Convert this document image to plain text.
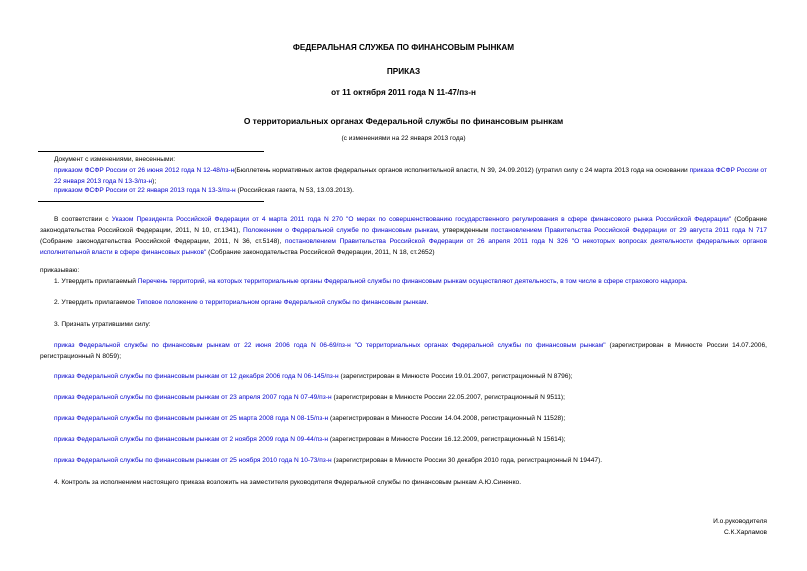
ФЕДЕРАЛЬНАЯ СЛУЖБА ПО ФИНАНСОВЫМ РЫНКАМ
ПРИКАЗ
от 11 октября 2011 года N 11-47/пз-н
О территориальных органах Федеральной службы по финансовым рынкам
(с изменениями на 22 января 2013 года)
Документ с изменениями, внесенными:
приказом ФСФР России от 26 июня 2012 года N 12-48/пз-н(Бюллетень нормативных актов федеральных органов исполнительной власти, N 39, 24.09.2012) (утратил силу с 24 марта 2013 года на основании приказа ФСФР России от 22 января 2013 года N 13-3/пз-н);
приказом ФСФР России от 22 января 2013 года N 13-3/пз-н (Российская газета, N 53, 13.03.2013).
В соответствии с Указом Президента Российской Федерации от 4 марта 2011 года N 270 "О мерах по совершенствованию государственного регулирования в сфере финансового рынка Российской Федерации" (Собрание законодательства Российской Федерации, 2011, N 10, ст.1341), Положением о Федеральной службе по финансовым рынкам, утвержденным постановлением Правительства Российской Федерации от 29 августа 2011 года N 717 (Собрание законодательства Российской Федерации, 2011, N 36, ст.5148), постановлением Правительства Российской Федерации от 26 апреля 2011 года N 326 "О некоторых вопросах деятельности федеральных органов исполнительной власти в сфере финансовых рынков" (Собрание законодательства Российской Федерации, 2011, N 18, ст.2652)
приказываю:
1. Утвердить прилагаемый Перечень территорий, на которых территориальные органы Федеральной службы по финансовым рынкам осуществляют деятельность, в том числе в сфере страхового надзора.
2. Утвердить прилагаемое Типовое положение о территориальном органе Федеральной службы по финансовым рынкам.
3. Признать утратившими силу:
приказ Федеральной службы по финансовым рынкам от 22 июня 2006 года N 06-69/пз-н "О территориальных органах Федеральной службы по финансовым рынкам" (зарегистрирован в Минюсте России 14.07.2006, регистрационный N 8059);
приказ Федеральной службы по финансовым рынкам от 12 декабря 2006 года N 06-145/пз-н (зарегистрирован в Минюсте России 19.01.2007, регистрационный N 8796);
приказ Федеральной службы по финансовым рынкам от 23 апреля 2007 года N 07-49/пз-н (зарегистрирован в Минюсте России 22.05.2007, регистрационный N 9511);
приказ Федеральной службы по финансовым рынкам от 25 марта 2008 года N 08-15/пз-н (зарегистрирован в Минюсте России 14.04.2008, регистрационный N 11528);
приказ Федеральной службы по финансовым рынкам от 2 ноября 2009 года N 09-44/пз-н (зарегистрирован в Минюсте России 16.12.2009, регистрационный N 15614);
приказ Федеральной службы по финансовым рынкам от 25 ноября 2010 года N 10-73/пз-н (зарегистрирован в Минюсте России 30 декабря 2010 года, регистрационный N 19447).
4. Контроль за исполнением настоящего приказа возложить на заместителя руководителя Федеральной службы по финансовым рынкам А.Ю.Синенко.
И.о.руководителя
С.К.Харламов
